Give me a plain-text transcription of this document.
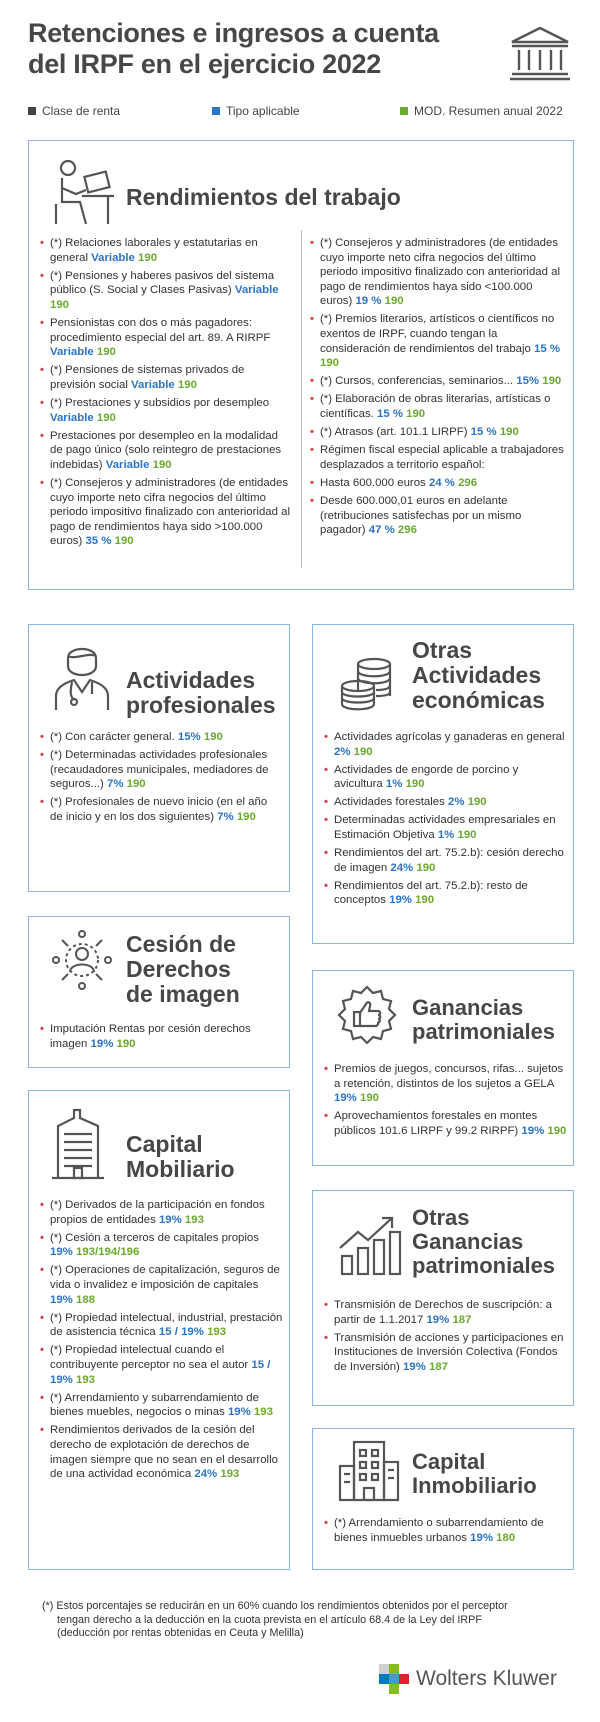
Retenciones e ingresos a cuenta
del IRPF en el ejercicio 2022
Clase de renta	Tipo aplicable	MOD. Resumen anual 2022
Rendimientos del trabajo
• (*) Relaciones laborales y estatutarias en general Variable 190
• (*) Pensiones y haberes pasivos del sistema público (S. Social y Clases Pasivas) Variable 190
• Pensionistas con dos o más pagadores: procedimiento especial del art. 89. A RIRPF Variable 190
• (*) Pensiones de sistemas privados de previsión social Variable 190
• (*) Prestaciones y subsidios por desempleo Variable 190
• Prestaciones por desempleo en la modalidad de pago único (solo reintegro de prestaciones indebidas) Variable 190
• (*) Consejeros y administradores (de entidades cuyo importe neto cifra negocios del último periodo impositivo finalizado con anterioridad al pago de rendimientos haya sido >100.000 euros) 35 % 190
• (*) Consejeros y administradores (de entidades cuyo importe neto cifra negocios del último periodo impositivo finalizado con anterioridad al pago de rendimientos haya sido <100.000 euros) 19 % 190
• (*) Premios literarios, artísticos o científicos no exentos de IRPF, cuando tengan la consideración de rendimientos del trabajo 15 % 190
• (*) Cursos, conferencias, seminarios... 15% 190
• (*) Elaboración de obras literarias, artísticas o científicas. 15 % 190
• (*) Atrasos (art. 101.1 LIRPF) 15 % 190
• Régimen fiscal especial aplicable a trabajadores desplazados a territorio español:
• Hasta 600.000 euros 24 % 296
• Desde 600.000,01 euros en adelante (retribuciones satisfechas por un mismo pagador) 47 % 296
Actividades
profesionales
• (*) Con carácter general. 15% 190
• (*) Determinadas actividades profesionales (recaudadores municipales, mediadores de seguros...) 7% 190
• (*) Profesionales de nuevo inicio (en el año de inicio y en los dos siguientes) 7% 190
Otras
Actividades
económicas
• Actividades agrícolas y ganaderas en general 2% 190
• Actividades de engorde de porcino y avicultura 1% 190
• Actividades forestales 2% 190
• Determinadas actividades empresariales en Estimación Objetiva 1% 190
• Rendimientos del art. 75.2.b): cesión derecho de imagen 24% 190
• Rendimientos del art. 75.2.b): resto de conceptos 19% 190
Cesión de
Derechos
de imagen
• Imputación Rentas por cesión derechos imagen 19% 190
Ganancias
patrimoniales
• Premios de juegos, concursos, rifas... sujetos a retención, distintos de los sujetos a GELA 19% 190
• Aprovechamientos forestales en montes públicos 101.6 LIRPF y 99.2 RIRPF) 19% 190
Capital
Mobiliario
• (*) Derivados de la participación en fondos propios de entidades 19% 193
• (*) Cesión a terceros de capitales propios 19% 193/194/196
• (*) Operaciones de capitalización, seguros de vida o invalidez e imposición de capitales 19% 188
• (*) Propiedad intelectual, industrial, prestación de asistencia técnica 15 / 19% 193
• (*) Propiedad intelectual cuando el contribuyente perceptor no sea el autor 15 / 19% 193
• (*) Arrendamiento y subarrendamiento de bienes muebles, negocios o minas 19% 193
• Rendimientos derivados de la cesión del derecho de explotación de derechos de imagen siempre que no sean en el desarrollo de una actividad económica 24% 193
Otras
Ganancias
patrimoniales
• Transmisión de Derechos de suscripción: a partir de 1.1.2017 19% 187
• Transmisión de acciones y participaciones en Instituciones de Inversión Colectiva (Fondos de Inversión) 19% 187
Capital
Inmobiliario
• (*) Arrendamiento o subarrendamiento de bienes inmuebles urbanos 19% 180
(*) Estos porcentajes se reducirán en un 60% cuando los rendimientos obtenidos por el perceptor
tengan derecho a la deducción en la cuota prevista en el artículo 68.4 de la Ley del IRPF
(deducción por rentas obtenidas en Ceuta y Melilla)
Wolters Kluwer
